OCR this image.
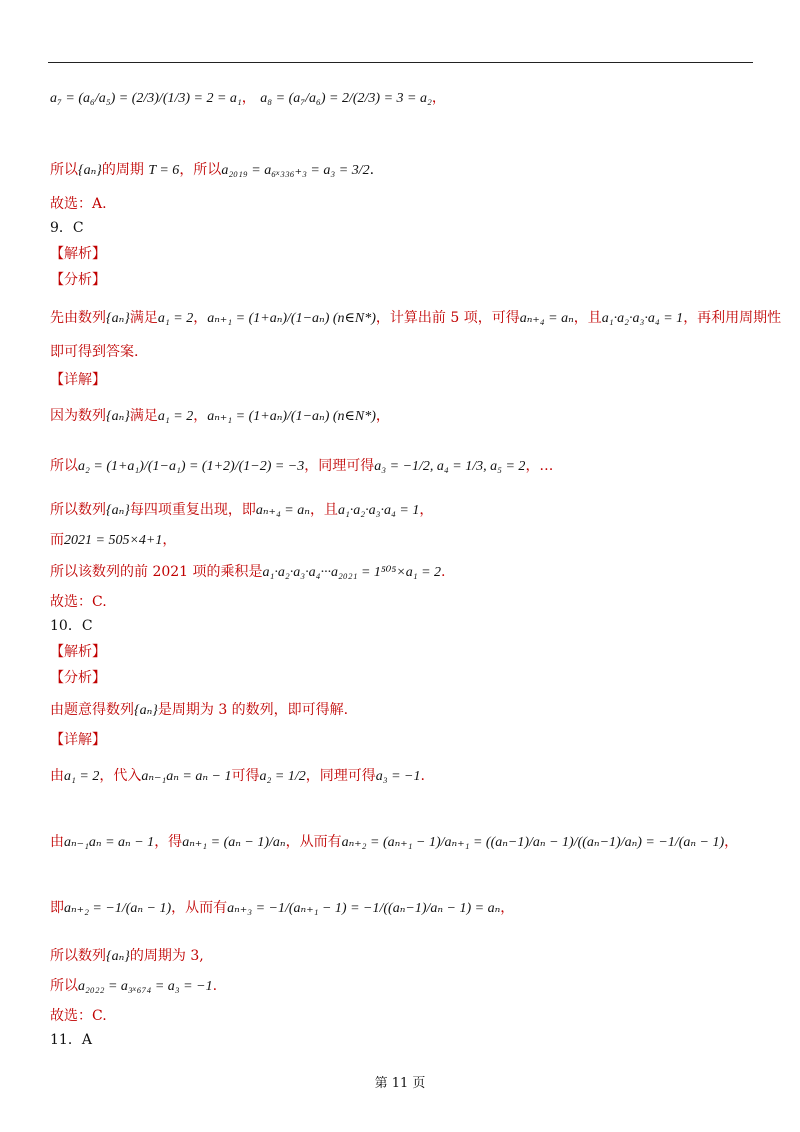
a₇ = (a₆/a₅) = (2/3)/(1/3) = 2 = a₁， a₈ = (a₇/a₆) = 2/(2/3) = 3 = a₂，
所以{aₙ}的周期 T = 6，所以a₂₀₁₉ = a₆ₓ₃₃₆₊₃ = a₃ = 3/2.
故选：A.
9．C
【解析】
【分析】
先由数列{aₙ}满足a₁ = 2，aₙ₊₁ = (1+aₙ)/(1−aₙ) (n∈N*)，计算出前 5 项，可得aₙ₊₄ = aₙ，且a₁·a₂·a₃·a₄ = 1，再利用周期性
即可得到答案.
【详解】
因为数列{aₙ}满足a₁ = 2，aₙ₊₁ = (1+aₙ)/(1−aₙ) (n∈N*)，
所以a₂ = (1+a₁)/(1−a₁) = (1+2)/(1−2) = −3，同理可得a₃ = −1/2, a₄ = 1/3, a₅ = 2，…
所以数列{aₙ}每四项重复出现，即aₙ₊₄ = aₙ，且a₁·a₂·a₃·a₄ = 1，
而2021 = 505×4+1，
所以该数列的前 2021 项的乘积是a₁·a₂·a₃·a₄···a₂₀₂₁ = 1⁵⁰⁵×a₁ = 2.
故选：C.
10．C
【解析】
【分析】
由题意得数列{aₙ}是周期为 3 的数列，即可得解.
【详解】
由a₁ = 2，代入aₙ₋₁aₙ = aₙ − 1可得a₂ = 1/2，同理可得a₃ = −1.
由aₙ₋₁aₙ = aₙ − 1，得aₙ₊₁ = (aₙ − 1)/aₙ，从而有aₙ₊₂ = (aₙ₊₁ − 1)/aₙ₊₁ = ((aₙ−1)/aₙ − 1)/((aₙ−1)/aₙ) = −1/(aₙ − 1)，
即aₙ₊₂ = −1/(aₙ − 1)，从而有aₙ₊₃ = −1/(aₙ₊₁ − 1) = −1/((aₙ−1)/aₙ − 1) = aₙ，
所以数列{aₙ}的周期为 3,
所以a₂₀₂₂ = a₃ₓ₆₇₄ = a₃ = −1.
故选：C.
11．A
第 11 页
